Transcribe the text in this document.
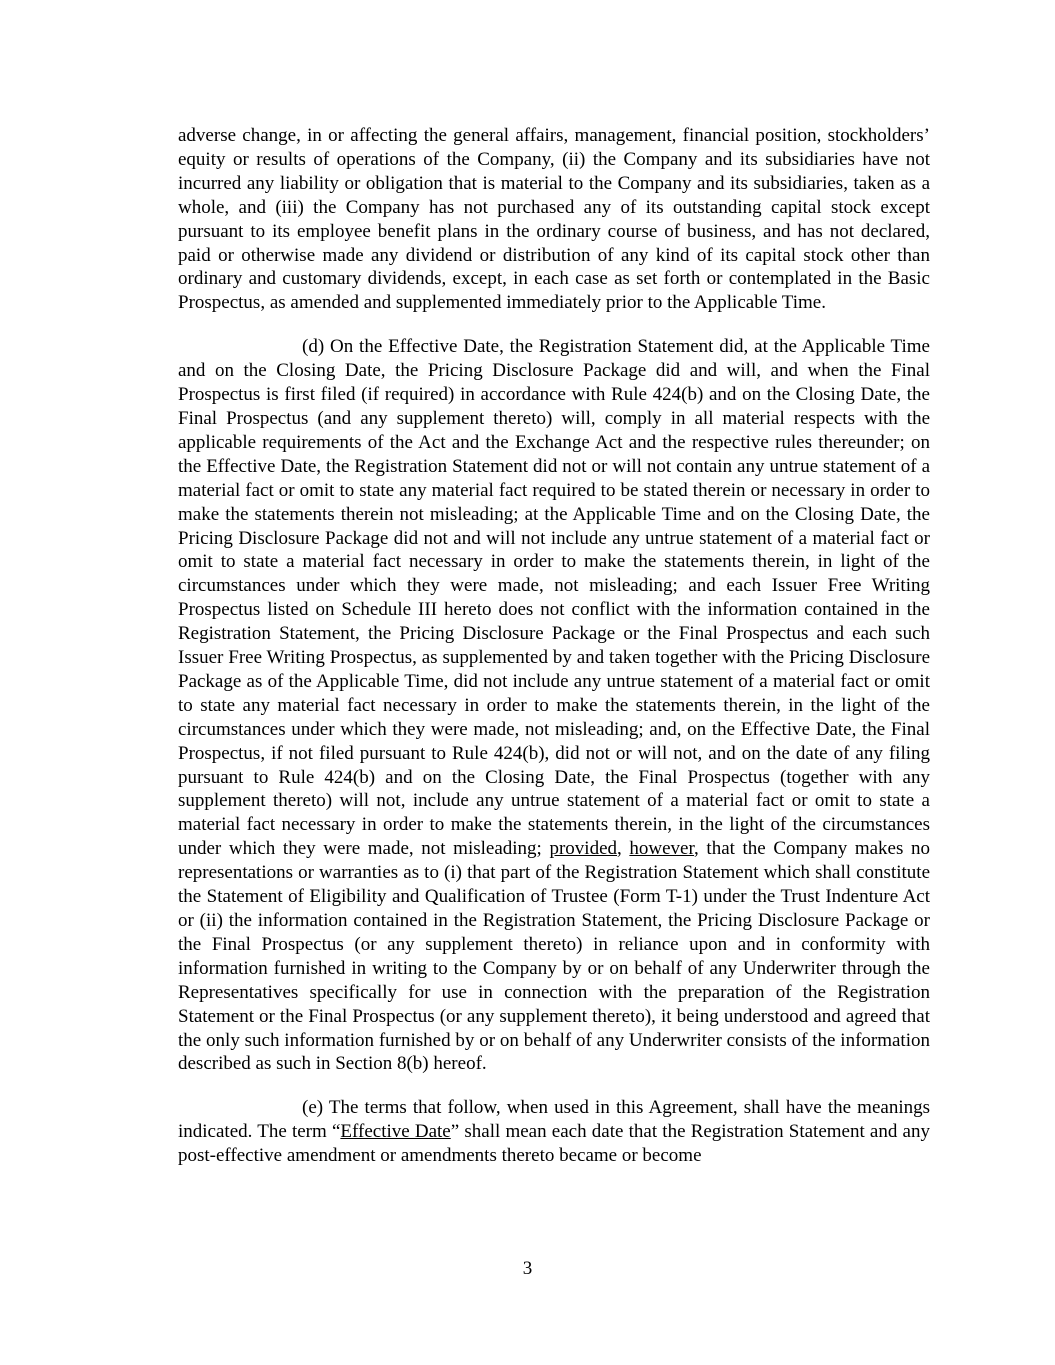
adverse change, in or affecting the general affairs, management, financial position, stockholders’ equity or results of operations of the Company, (ii) the Company and its subsidiaries have not incurred any liability or obligation that is material to the Company and its subsidiaries, taken as a whole, and (iii) the Company has not purchased any of its outstanding capital stock except pursuant to its employee benefit plans in the ordinary course of business, and has not declared, paid or otherwise made any dividend or distribution of any kind of its capital stock other than ordinary and customary dividends, except, in each case as set forth or contemplated in the Basic Prospectus, as amended and supplemented immediately prior to the Applicable Time.

(d) On the Effective Date, the Registration Statement did, at the Applicable Time and on the Closing Date, the Pricing Disclosure Package did and will, and when the Final Prospectus is first filed (if required) in accordance with Rule 424(b) and on the Closing Date, the Final Prospectus (and any supplement thereto) will, comply in all material respects with the applicable requirements of the Act and the Exchange Act and the respective rules thereunder; on the Effective Date, the Registration Statement did not or will not contain any untrue statement of a material fact or omit to state any material fact required to be stated therein or necessary in order to make the statements therein not misleading; at the Applicable Time and on the Closing Date, the Pricing Disclosure Package did not and will not include any untrue statement of a material fact or omit to state a material fact necessary in order to make the statements therein, in light of the circumstances under which they were made, not misleading; and each Issuer Free Writing Prospectus listed on Schedule III hereto does not conflict with the information contained in the Registration Statement, the Pricing Disclosure Package or the Final Prospectus and each such Issuer Free Writing Prospectus, as supplemented by and taken together with the Pricing Disclosure Package as of the Applicable Time, did not include any untrue statement of a material fact or omit to state any material fact necessary in order to make the statements therein, in the light of the circumstances under which they were made, not misleading; and, on the Effective Date, the Final Prospectus, if not filed pursuant to Rule 424(b), did not or will not, and on the date of any filing pursuant to Rule 424(b) and on the Closing Date, the Final Prospectus (together with any supplement thereto) will not, include any untrue statement of a material fact or omit to state a material fact necessary in order to make the statements therein, in the light of the circumstances under which they were made, not misleading; provided, however, that the Company makes no representations or warranties as to (i) that part of the Registration Statement which shall constitute the Statement of Eligibility and Qualification of Trustee (Form T-1) under the Trust Indenture Act or (ii) the information contained in the Registration Statement, the Pricing Disclosure Package or the Final Prospectus (or any supplement thereto) in reliance upon and in conformity with information furnished in writing to the Company by or on behalf of any Underwriter through the Representatives specifically for use in connection with the preparation of the Registration Statement or the Final Prospectus (or any supplement thereto), it being understood and agreed that the only such information furnished by or on behalf of any Underwriter consists of the information described as such in Section 8(b) hereof.

(e) The terms that follow, when used in this Agreement, shall have the meanings indicated. The term “Effective Date” shall mean each date that the Registration Statement and any post-effective amendment or amendments thereto became or become

3
